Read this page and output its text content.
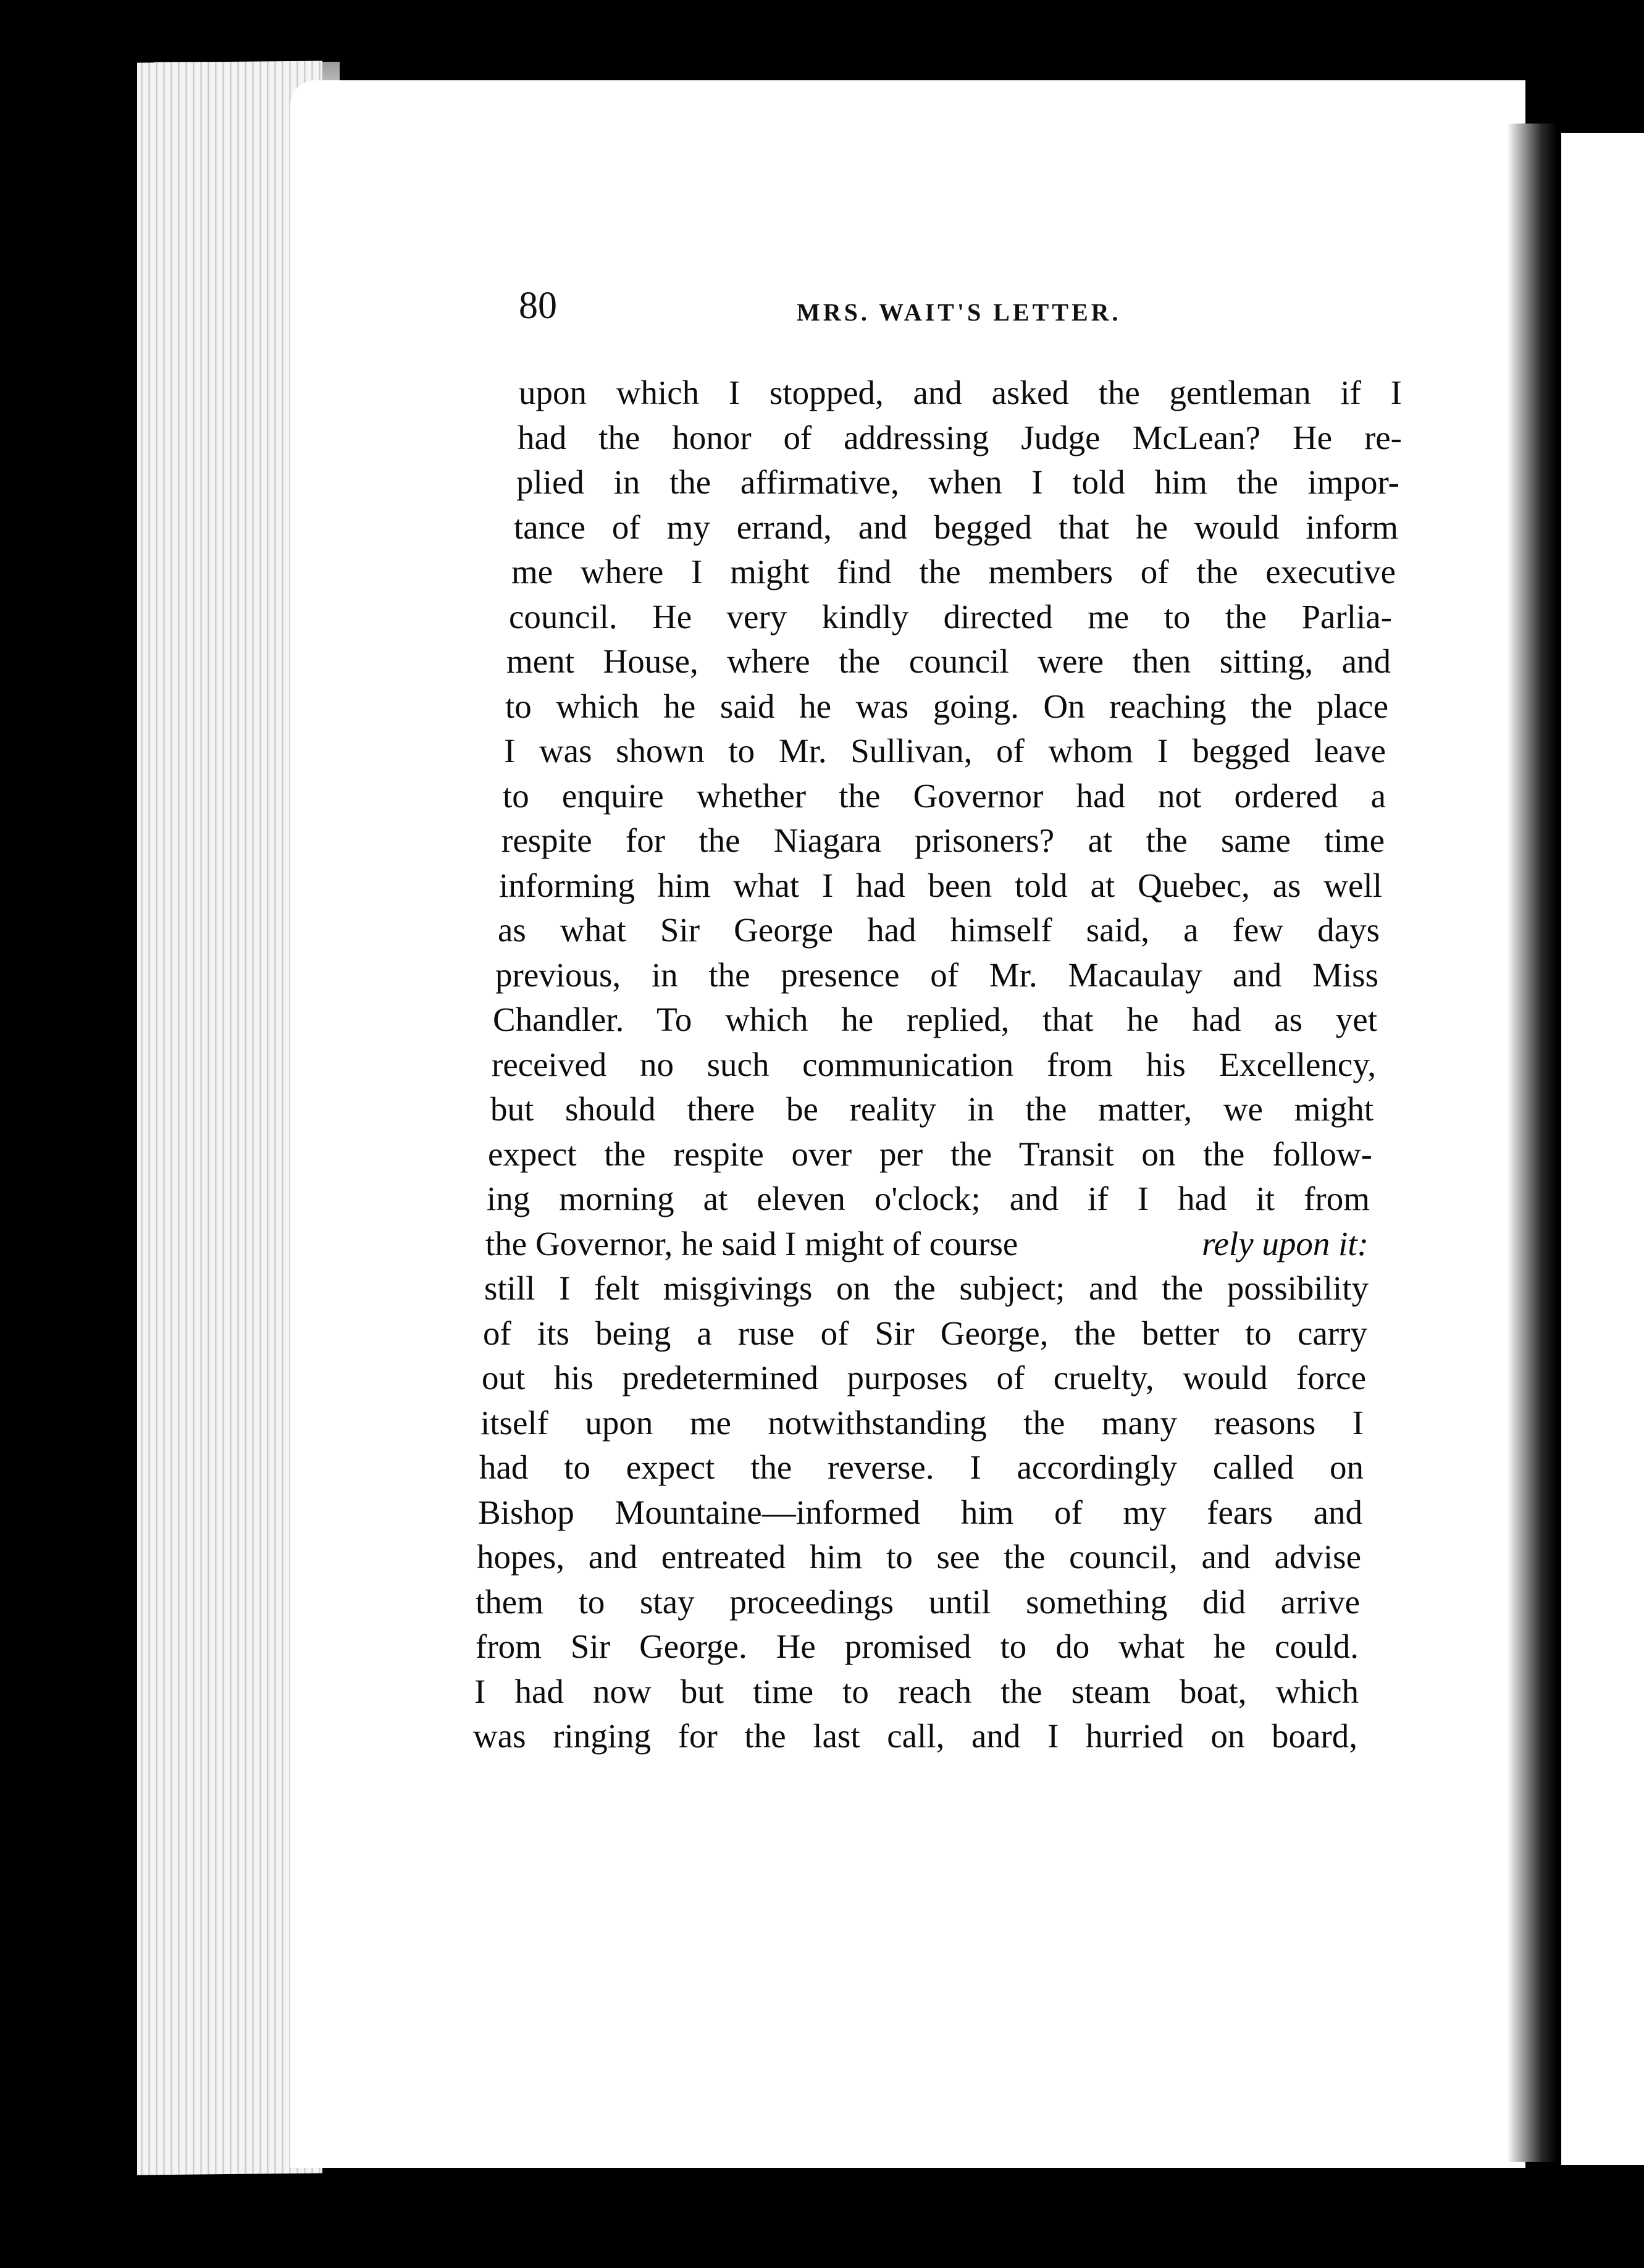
80	MRS. WAIT'S LETTER.
upon which I stopped, and asked the gentleman if I
had the honor of addressing Judge McLean? He re-
plied in the affirmative, when I told him the impor-
tance of my errand, and begged that he would inform
me where I might find the members of the executive
council. He very kindly directed me to the Parlia-
ment House, where the council were then sitting, and
to which he said he was going. On reaching the place
I was shown to Mr. Sullivan, of whom I begged leave
to enquire whether the Governor had not ordered a
respite for the Niagara prisoners? at the same time
informing him what I had been told at Quebec, as well
as what Sir George had himself said, a few days
previous, in the presence of Mr. Macaulay and Miss
Chandler. To which he replied, that he had as yet
received no such communication from his Excellency,
but should there be reality in the matter, we might
expect the respite over per the Transit on the follow-
ing morning at eleven o'clock; and if I had it from
the Governor, he said I might of course	rely upon it:
still I felt misgivings on the subject; and the possibility
of its being a ruse of Sir George, the better to carry
out his predetermined purposes of cruelty, would force
itself upon me notwithstanding the many reasons I
had to expect the reverse. I accordingly called on
Bishop Mountaine—informed him of my fears and
hopes, and entreated him to see the council, and advise
them to stay proceedings until something did arrive
from Sir George. He promised to do what he could.
I had now but time to reach the steam boat, which
was ringing for the last call, and I hurried on board,
